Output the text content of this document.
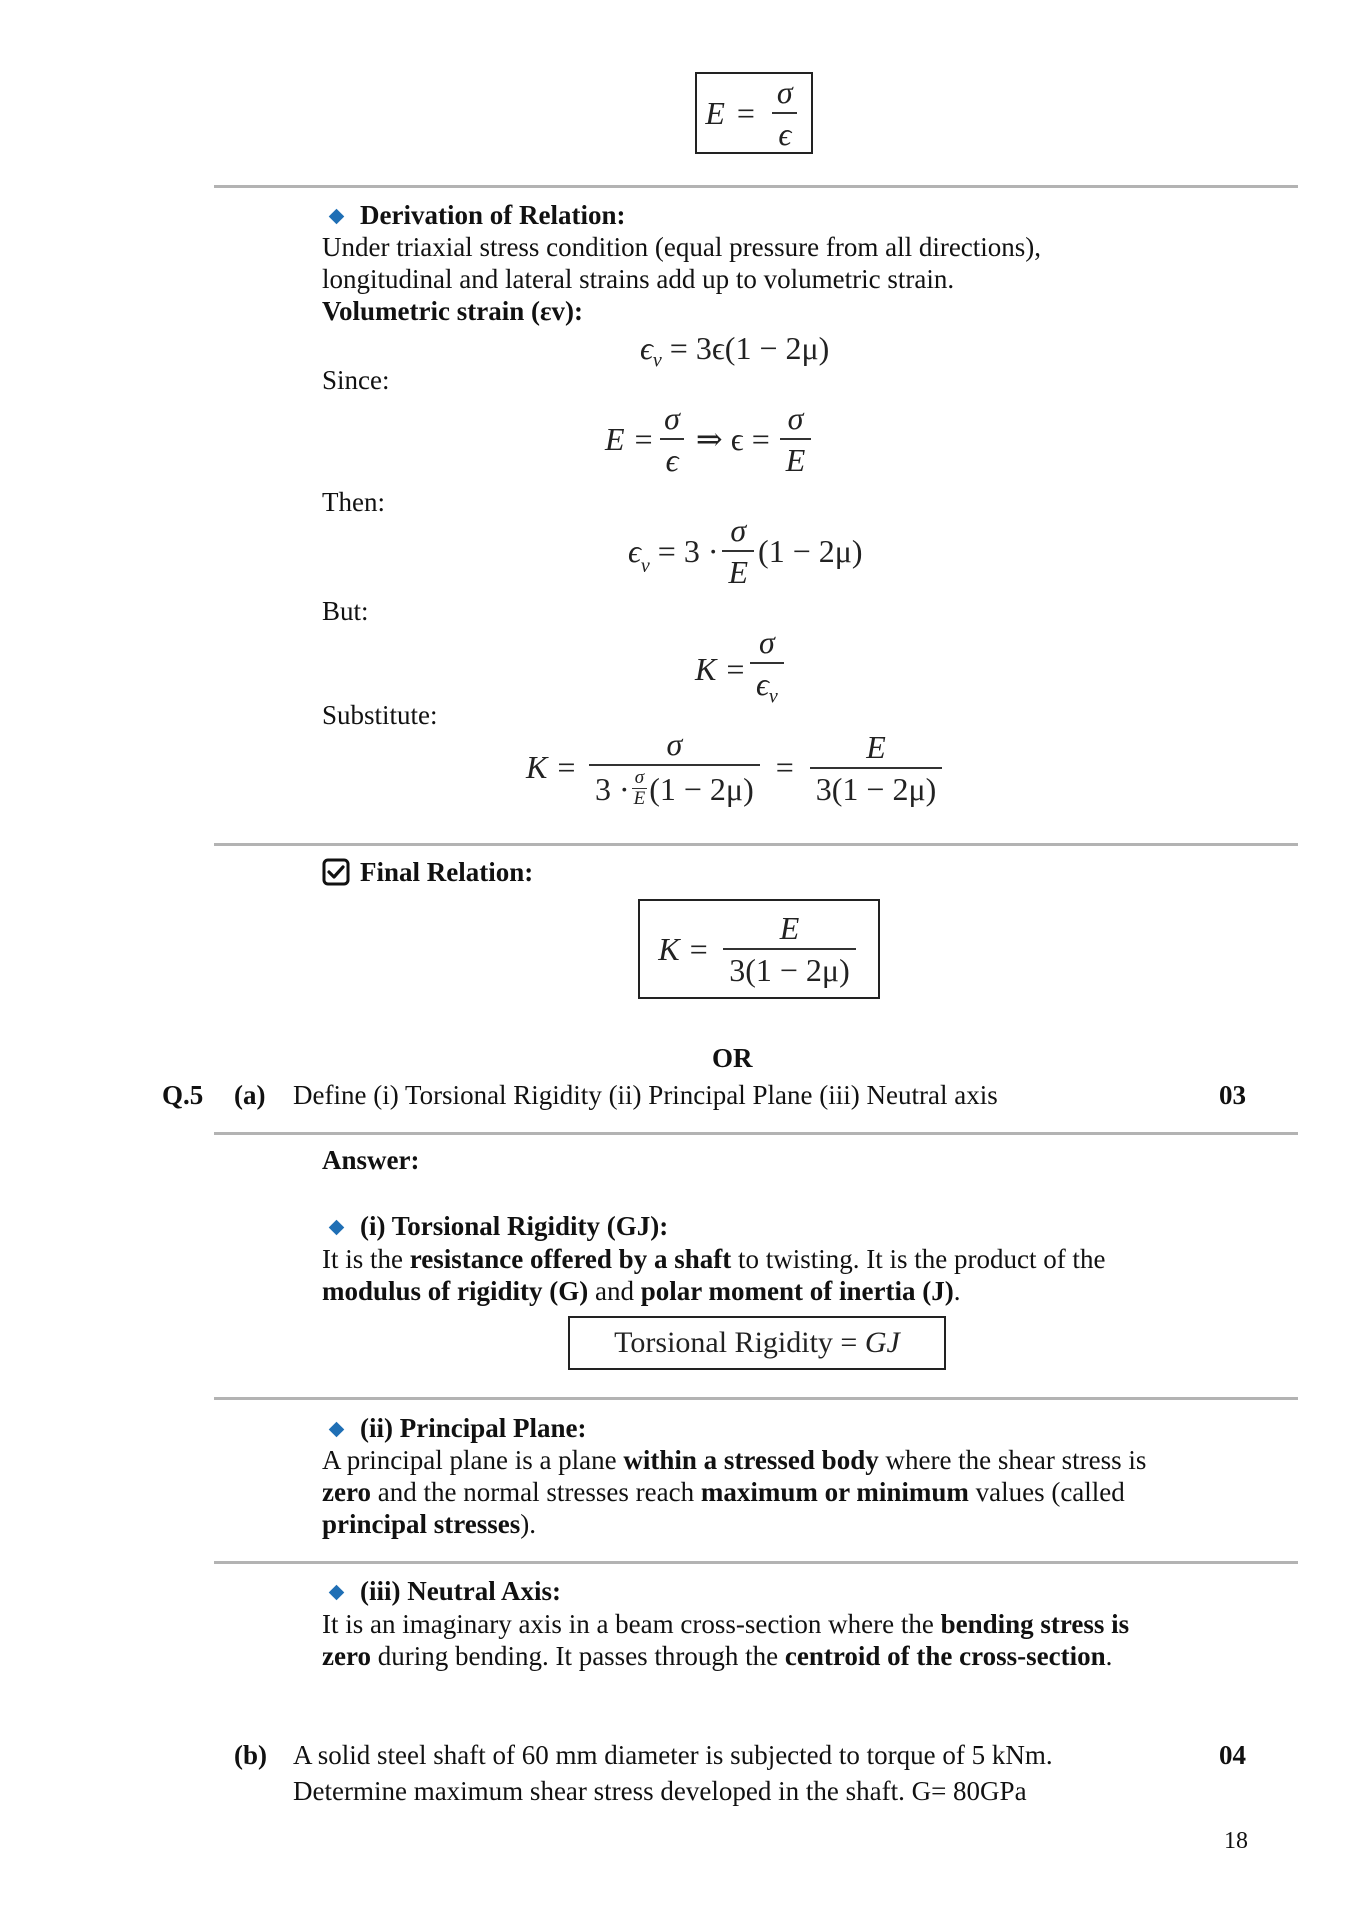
$E = \frac{\sigma}{\epsilon}$
Derivation of Relation:
Under triaxial stress condition (equal pressure from all directions),
longitudinal and lateral strains add up to volumetric strain.
Volumetric strain (εv):
$\epsilon_v = 3\epsilon(1 - 2\mu)$
Since:
$E = \frac{\sigma}{\epsilon}$ ⇒ $\epsilon = \frac{\sigma}{E}$
Then:
ϵ $_v = 3 \cdot \frac{\sigma}{E} (1 - 2\mu)$
But:
$K = \frac{\sigma}{\epsilon_v}$
Substitute:
$K = \frac{\sigma}{3 \cdot \frac{\sigma}{E} (1 - 2\mu)} = \frac{E}{3(1 - 2\mu)}$
Final Relation:
$K = \frac{E}{3(1 - 2\mu)}$
OR
Q.5 (a) Define (i) Torsional Rigidity (ii) Principal Plane (iii) Neutral axis	03
Answer:
(i) Torsional Rigidity (GJ):
It is the resistance offered by a shaft to twisting. It is the product of the
modulus of rigidity (G) and polar moment of inertia (J).
Torsional Rigidity = GJ
(ii) Principal Plane:
A principal plane is a plane within a stressed body where the shear stress is
zero and the normal stresses reach maximum or minimum values (called
principal stresses).
(iii) Neutral Axis:
It is an imaginary axis in a beam cross-section where the bending stress is
zero during bending. It passes through the centroid of the cross-section.
(b) A solid steel shaft of 60 mm diameter is subjected to torque of 5 kNm.
Determine maximum shear stress developed in the shaft. G= 80GPa
04
18
